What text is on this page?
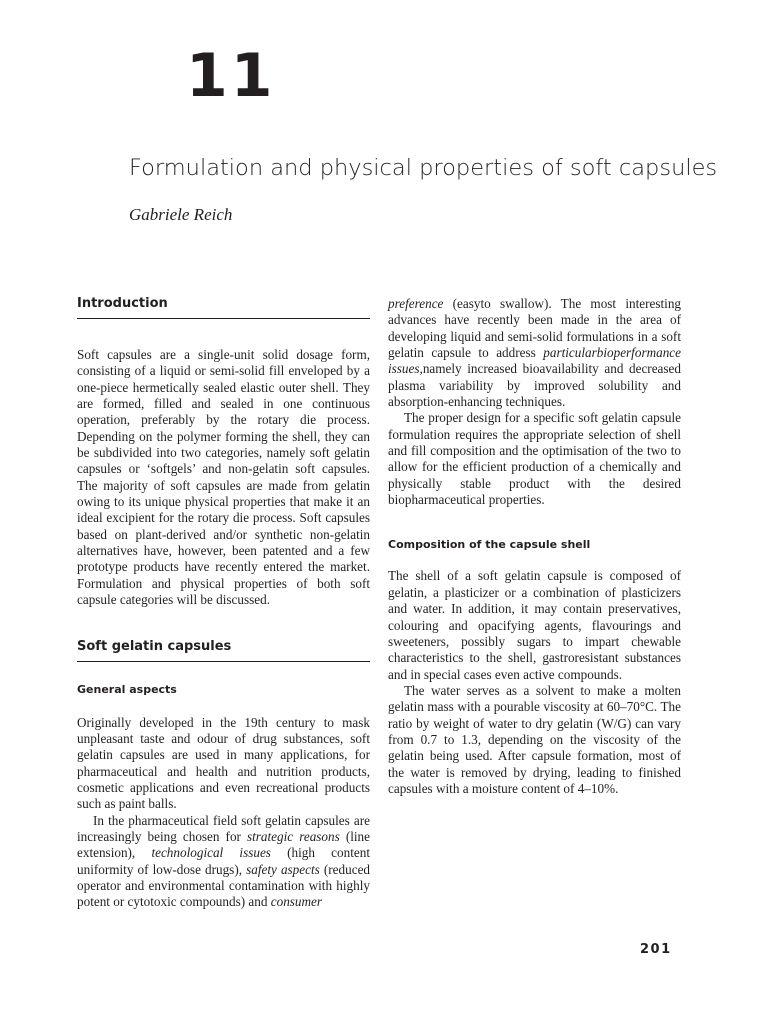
11
Formulation and physical properties of soft capsules
Gabriele Reich
Introduction

Soft capsules are a single-unit solid dosage form, consisting of a liquid or semi-solid fill enveloped by a one-piece hermetically sealed elastic outer shell. They are formed, filled and sealed in one continuous operation, preferably by the rotary die process. Depending on the polymer forming the shell, they can be subdivided into two categories, namely soft gelatin capsules or ‘softgels’ and non-gelatin soft capsules. The majority of soft capsules are made from gelatin owing to its unique physical properties that make it an ideal excipient for the rotary die process. Soft capsules based on plant-derived and/or synthetic non-gelatin alternatives have, however, been patented and a few prototype products have recently entered the market. Formulation and physical properties of both soft capsule categories will be discussed.

Soft gelatin capsules
General aspects

Originally developed in the 19th century to mask unpleasant taste and odour of drug substances, soft gelatin capsules are used in many applications, for pharmaceutical and health and nutrition products, cosmetic applications and even recreational products such as paint balls.

In the pharmaceutical field soft gelatin capsules are increasingly being chosen for strategic reasons (line extension), technological issues (high content uniformity of low-dose drugs), safety aspects (reduced operator and environmental contamination with highly potent or cytotoxic compounds) and consumer

preference (easyto swallow). The most interesting advances have recently been made in the area of developing liquid and semi-solid formulations in a soft gelatin capsule to address particularbioperformance issues,namely increased bioavailability and decreased plasma variability by improved solubility and absorption-enhancing techniques.

The proper design for a specific soft gelatin capsule formulation requires the appropriate selection of shell and fill composition and the optimisation of the two to allow for the efficient production of a chemically and physically stable product with the desired biopharmaceutical properties.

Composition of the capsule shell

The shell of a soft gelatin capsule is composed of gelatin, a plasticizer or a combination of plasticizers and water. In addition, it may contain preservatives, colouring and opacifying agents, flavourings and sweeteners, possibly sugars to impart chewable characteristics to the shell, gastroresistant substances and in special cases even active compounds.

The water serves as a solvent to make a molten gelatin mass with a pourable viscosity at 60–70°C. The ratio by weight of water to dry gelatin (W/G) can vary from 0.7 to 1.3, depending on the viscosity of the gelatin being used. After capsule formation, most of the water is removed by drying, leading to finished capsules with a moisture content of 4–10%.

201
